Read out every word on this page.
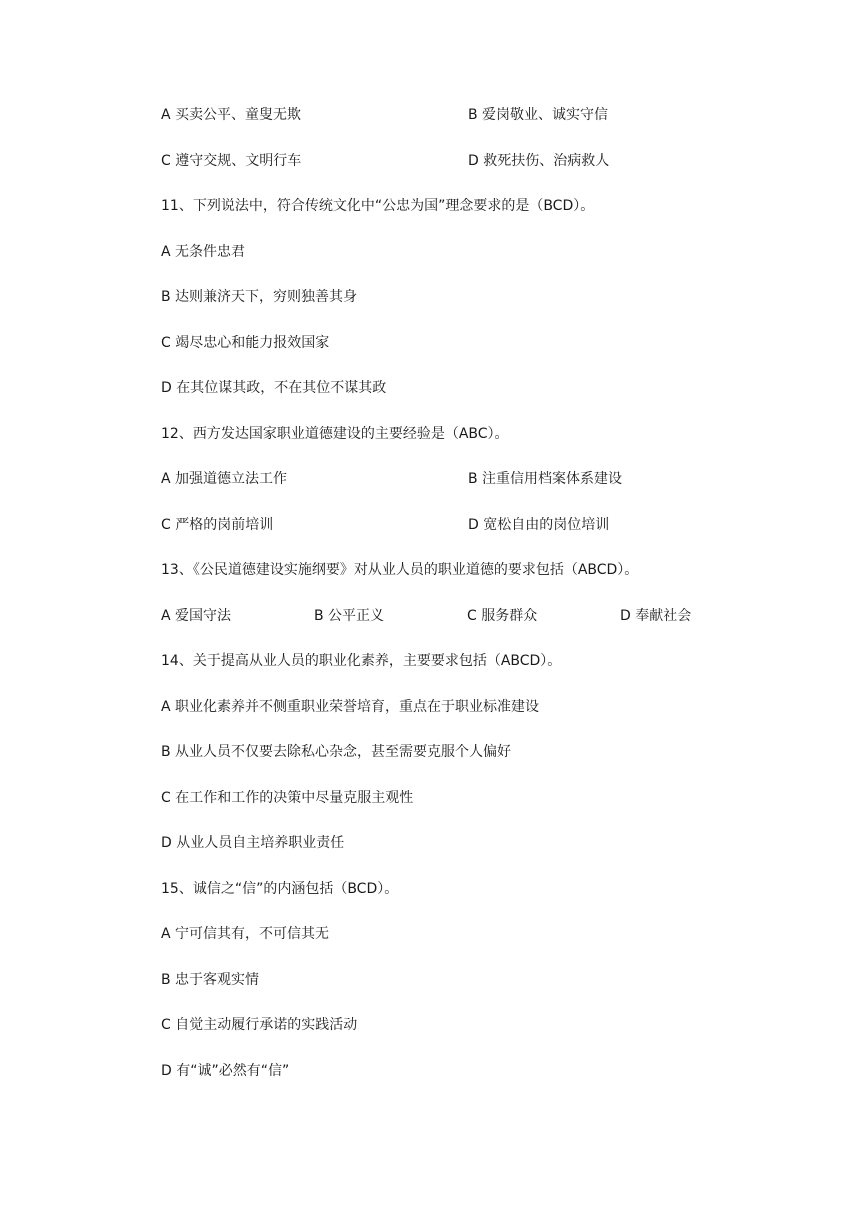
A 买卖公平、童叟无欺	B 爱岗敬业、诚实守信
C 遵守交规、文明行车	D 救死扶伤、治病救人
11、下列说法中，符合传统文化中“公忠为国”理念要求的是（BCD）。
A 无条件忠君
B 达则兼济天下，穷则独善其身
C 竭尽忠心和能力报效国家
D 在其位谋其政，不在其位不谋其政
12、西方发达国家职业道德建设的主要经验是（ABC）。
A 加强道德立法工作	B 注重信用档案体系建设
C 严格的岗前培训	D 宽松自由的岗位培训
13、《公民道德建设实施纲要》对从业人员的职业道德的要求包括（ABCD）。
A 爱国守法	B 公平正义	C 服务群众	D 奉献社会
14、关于提高从业人员的职业化素养，主要要求包括（ABCD）。
A 职业化素养并不侧重职业荣誉培育，重点在于职业标准建设
B 从业人员不仅要去除私心杂念，甚至需要克服个人偏好
C 在工作和工作的决策中尽量克服主观性
D 从业人员自主培养职业责任
15、诚信之“信”的内涵包括（BCD）。
A 宁可信其有，不可信其无
B 忠于客观实情
C 自觉主动履行承诺的实践活动
D 有“诚”必然有“信”
